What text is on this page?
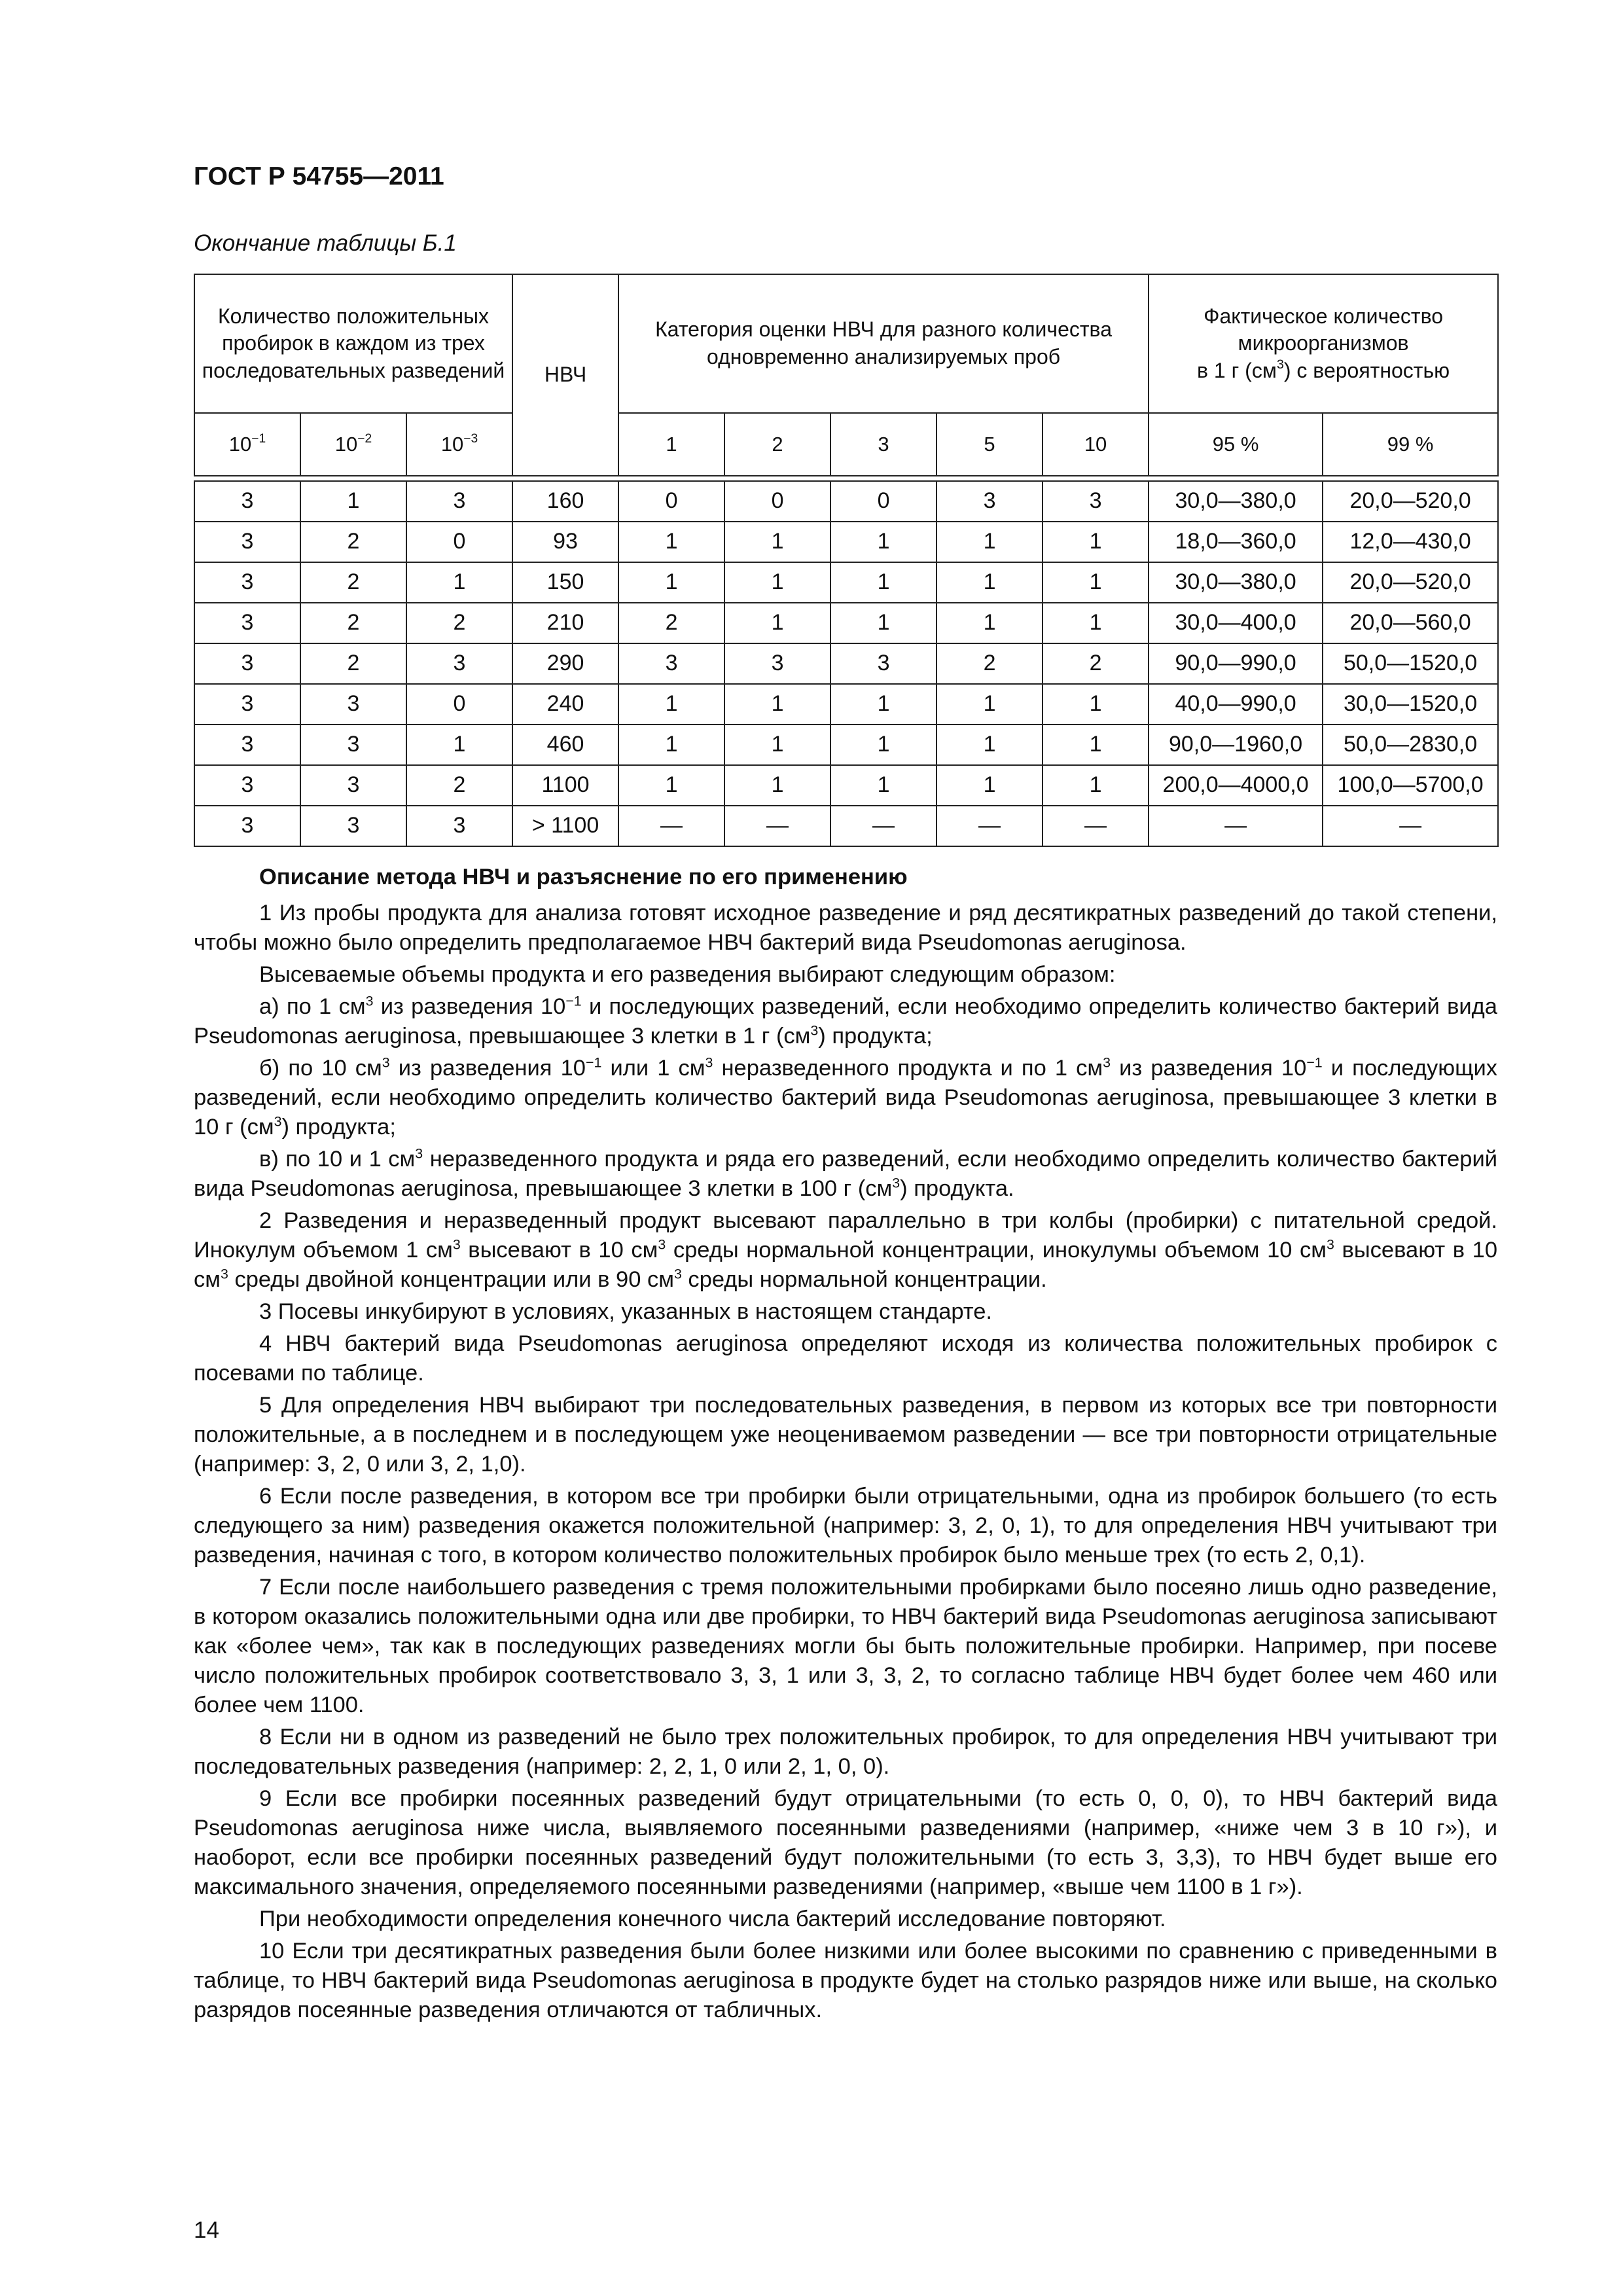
ГОСТ Р 54755—2011
Окончание таблицы Б.1
Количество положительных пробирок в каждом из трех последовательных разведений			НВЧ	Категория оценки НВЧ для разного количества одновременно анализируемых проб					Фактическое количество микроорганизмов
в 1 г $(см^3)$ с вероятностью	
$10^{-1}$	$10^{-2}$	$10^{-3}$		1	2	3	5	10	95 %	99 %

3	1	3	160	0	0	0	3	3	30,0—380,0	20,0—520,0
3	2	0	93	1	1	1	1	1	18,0—360,0	12,0—430,0
3	2	1	150	1	1	1	1	1	30,0—380,0	20,0—520,0
3	2	2	210	2	1	1	1	1	30,0—400,0	20,0—560,0
3	2	3	290	3	3	3	2	2	90,0—990,0	50,0—1520,0
3	3	0	240	1	1	1	1	1	40,0—990,0	30,0—1520,0
3	3	1	460	1	1	1	1	1	90,0—1960,0	50,0—2830,0
3	3	2	1100	1	1	1	1	1	200,0—4000,0	100,0—5700,0
3	3	3	> 1100	—	—	—	—	—	—	—

Описание метода НВЧ и разъяснение по его применению

1 Из пробы продукта для анализа готовят исходное разведение и ряд десятикратных разведений до такой степени, чтобы можно было определить предполагаемое НВЧ бактерий вида Pseudomonas aeruginosa.

Высеваемые объемы продукта и его разведения выбирают следующим образом:

а) по 1 $см^3$ из разведения $10^{-1}$ и последующих разведений, если необходимо определить количество бактерий вида Pseudomonas aeruginosa, превышающее 3 клетки в 1 г $(см^3)$ продукта;

б) по 10 $см^3$ из разведения $10^{-1}$ или 1 $см^3$ неразведенного продукта и по 1 $см^3$ из разведения $10^{-1}$ и последующих разведений, если необходимо определить количество бактерий вида Pseudomonas aeruginosa, превышающее 3 клетки в 10 г $(см^3)$ продукта;

в) по 10 и 1 $см^3$ неразведенного продукта и ряда его разведений, если необходимо определить количество бактерий вида Pseudomonas aeruginosa, превышающее 3 клетки в 100 г $(см^3)$ продукта.

2 Разведения и неразведенный продукт высевают параллельно в три колбы (пробирки) с питательной средой. Инокулум объемом 1 $см^3$ высевают в 10 $см^3$ среды нормальной концентрации, инокулумы объемом 10 $см^3$ высевают в 10 $см^3$ среды двойной концентрации или в 90 $см^3$ среды нормальной концентрации.

3 Посевы инкубируют в условиях, указанных в настоящем стандарте.

4 НВЧ бактерий вида Pseudomonas aeruginosa определяют исходя из количества положительных пробирок с посевами по таблице.

5 Для определения НВЧ выбирают три последовательных разведения, в первом из которых все три повторности положительные, а в последнем и в последующем уже неоцениваемом разведении — все три повторности отрицательные (например: 3, 2, 0 или 3, 2, 1,0).

6 Если после разведения, в котором все три пробирки были отрицательными, одна из пробирок большего (то есть следующего за ним) разведения окажется положительной (например: 3, 2, 0, 1), то для определения НВЧ учитывают три разведения, начиная с того, в котором количество положительных пробирок было меньше трех (то есть 2, 0,1).

7 Если после наибольшего разведения с тремя положительными пробирками было посеяно лишь одно разведение, в котором оказались положительными одна или две пробирки, то НВЧ бактерий вида Pseudomonas aeruginosa записывают как «более чем», так как в последующих разведениях могли бы быть положительные пробирки. Например, при посеве число положительных пробирок соответствовало 3, 3, 1 или 3, 3, 2, то согласно таблице НВЧ будет более чем 460 или более чем 1100.

8 Если ни в одном из разведений не было трех положительных пробирок, то для определения НВЧ учитывают три последовательных разведения (например: 2, 2, 1, 0 или 2, 1, 0, 0).

9 Если все пробирки посеянных разведений будут отрицательными (то есть 0, 0, 0), то НВЧ бактерий вида Pseudomonas aeruginosa ниже числа, выявляемого посеянными разведениями (например, «ниже чем 3 в 10 г»), и наоборот, если все пробирки посеянных разведений будут положительными (то есть 3, 3,3), то НВЧ будет выше его максимального значения, определяемого посеянными разведениями (например, «выше чем 1100 в 1 г»).

При необходимости определения конечного числа бактерий исследование повторяют.

10 Если три десятикратных разведения были более низкими или более высокими по сравнению с приведенными в таблице, то НВЧ бактерий вида Pseudomonas aeruginosa в продукте будет на столько разрядов ниже или выше, на сколько разрядов посеянные разведения отличаются от табличных.

14
